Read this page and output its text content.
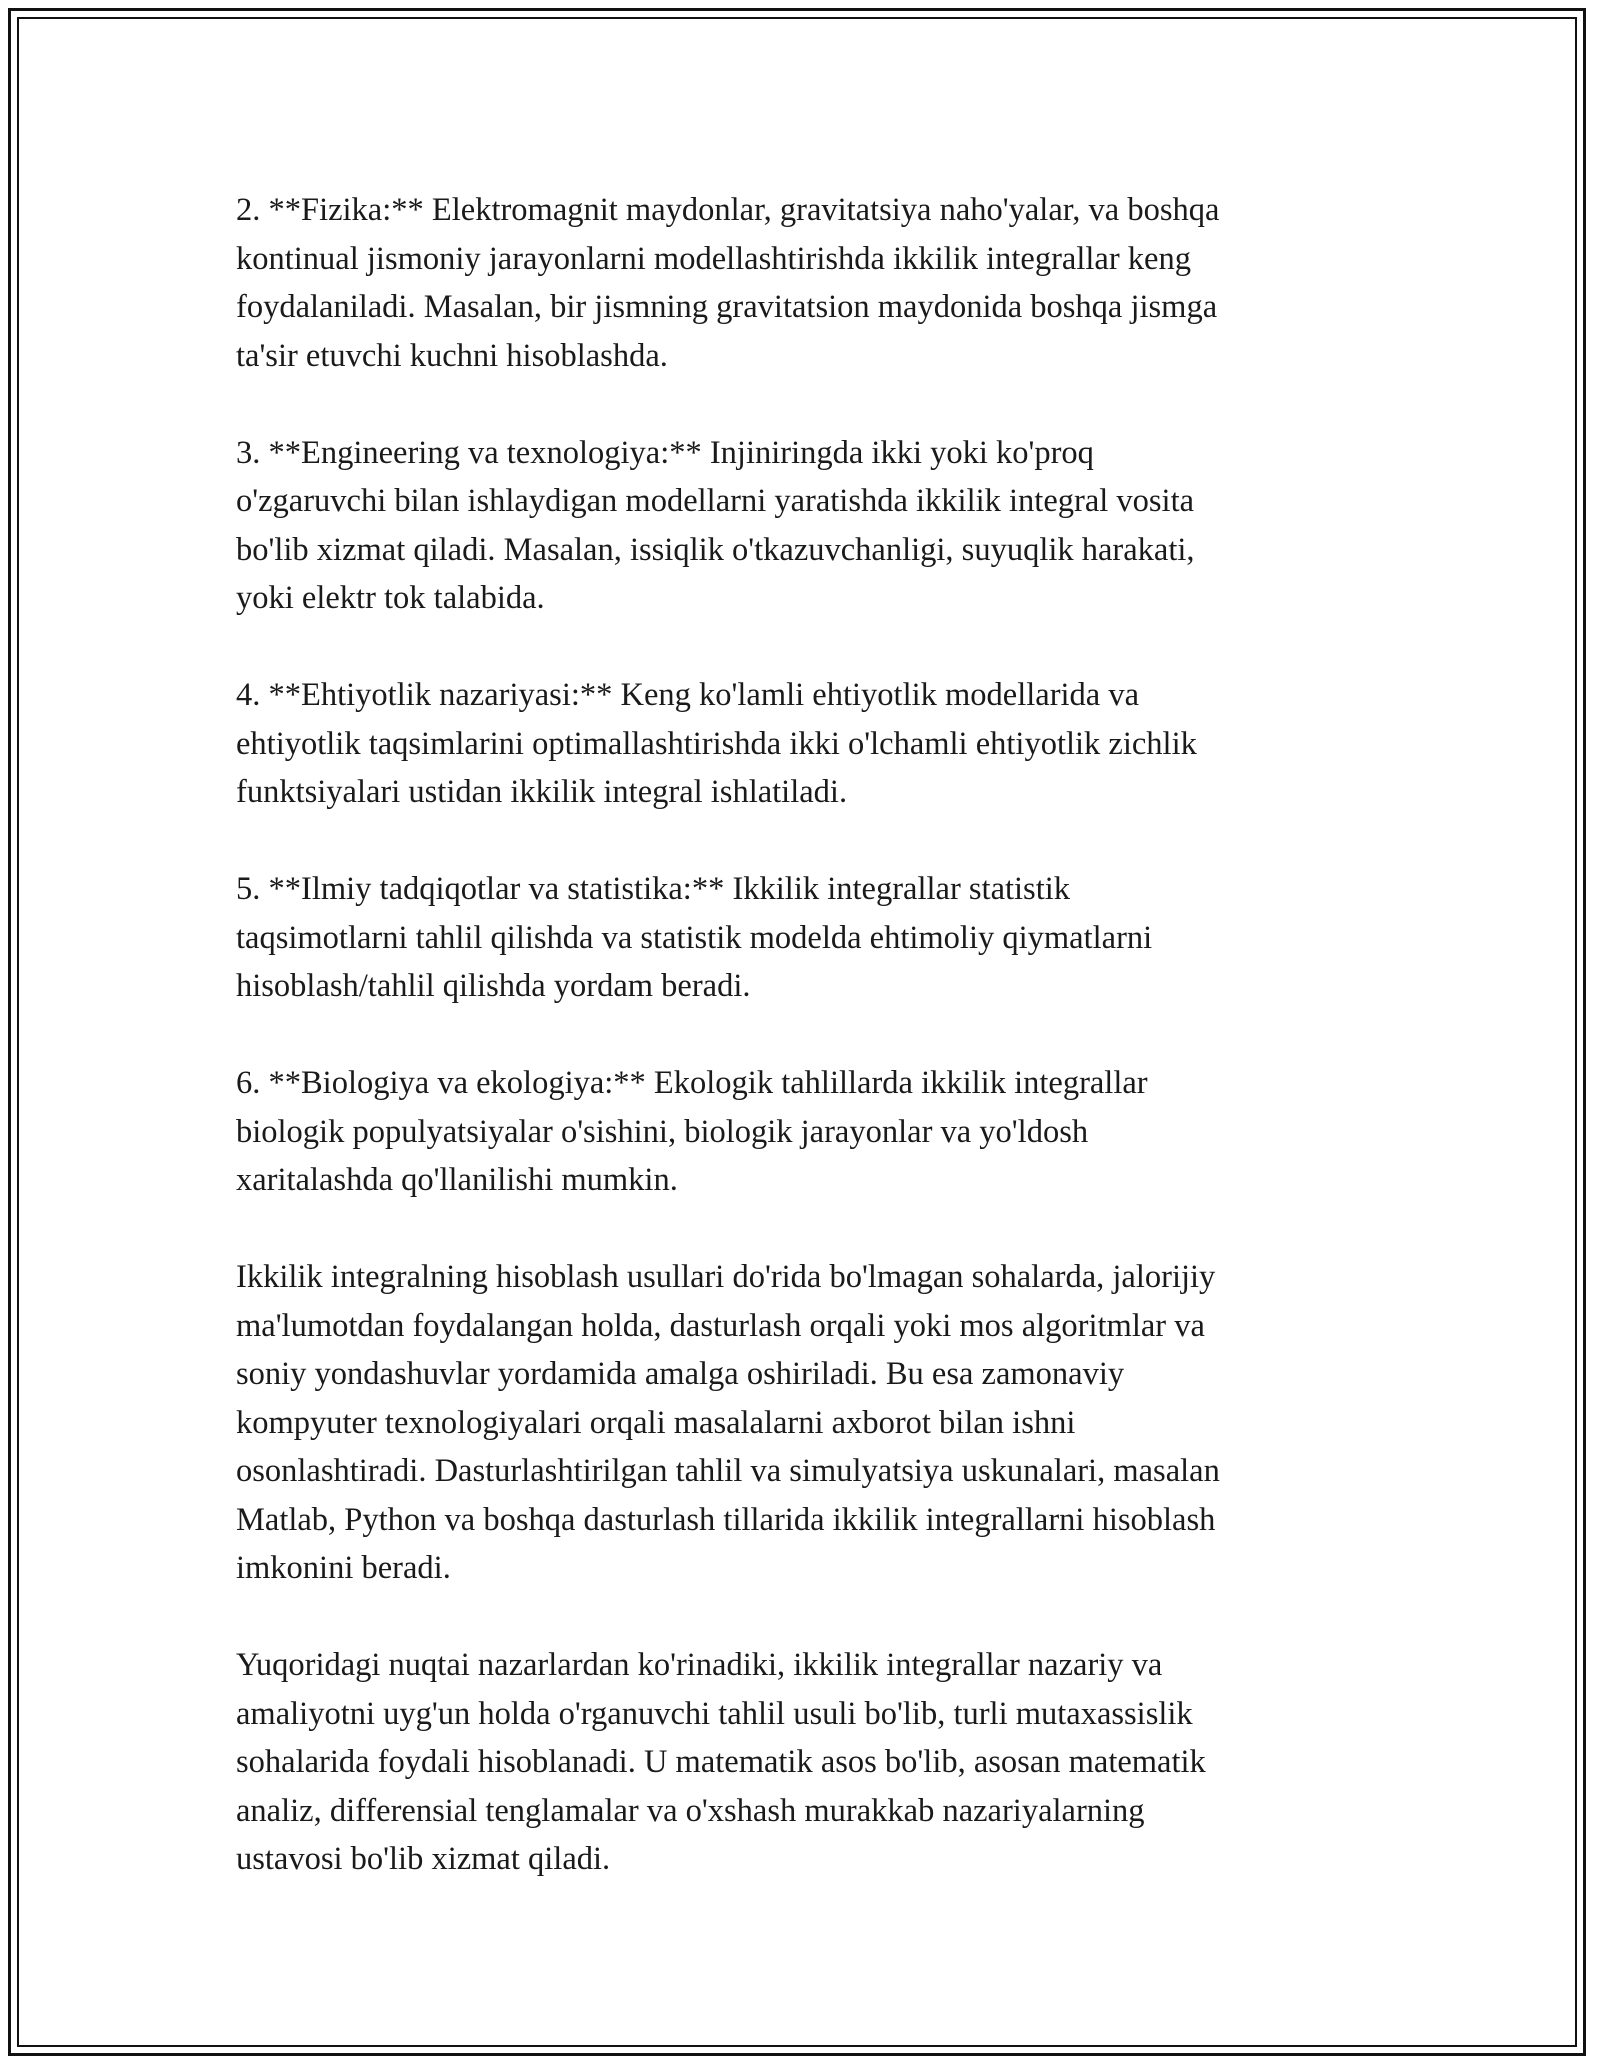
2. **Fizika:** Elektromagnit maydonlar, gravitatsiya naho'yalar, va boshqa
kontinual jismoniy jarayonlarni modellashtirishda ikkilik integrallar keng
foydalaniladi. Masalan, bir jismning gravitatsion maydonida boshqa jismga
ta'sir etuvchi kuchni hisoblashda.

3. **Engineering va texnologiya:** Injiniringda ikki yoki ko'proq
o'zgaruvchi bilan ishlaydigan modellarni yaratishda ikkilik integral vosita
bo'lib xizmat qiladi. Masalan, issiqlik o'tkazuvchanligi, suyuqlik harakati,
yoki elektr tok talabida.

4. **Ehtiyotlik nazariyasi:** Keng ko'lamli ehtiyotlik modellarida va
ehtiyotlik taqsimlarini optimallashtirishda ikki o'lchamli ehtiyotlik zichlik
funktsiyalari ustidan ikkilik integral ishlatiladi.

5. **Ilmiy tadqiqotlar va statistika:** Ikkilik integrallar statistik
taqsimotlarni tahlil qilishda va statistik modelda ehtimoliy qiymatlarni
hisoblash/tahlil qilishda yordam beradi.

6. **Biologiya va ekologiya:** Ekologik tahlillarda ikkilik integrallar
biologik populyatsiyalar o'sishini, biologik jarayonlar va yo'ldosh
xaritalashda qo'llanilishi mumkin.

Ikkilik integralning hisoblash usullari do'rida bo'lmagan sohalarda, jalorijiy
ma'lumotdan foydalangan holda, dasturlash orqali yoki mos algoritmlar va
soniy yondashuvlar yordamida amalga oshiriladi. Bu esa zamonaviy
kompyuter texnologiyalari orqali masalalarni axborot bilan ishni
osonlashtiradi. Dasturlashtirilgan tahlil va simulyatsiya uskunalari, masalan
Matlab, Python va boshqa dasturlash tillarida ikkilik integrallarni hisoblash
imkonini beradi.

Yuqoridagi nuqtai nazarlardan ko'rinadiki, ikkilik integrallar nazariy va
amaliyotni uyg'un holda o'rganuvchi tahlil usuli bo'lib, turli mutaxassislik
sohalarida foydali hisoblanadi. U matematik asos bo'lib, asosan matematik
analiz, differensial tenglamalar va o'xshash murakkab nazariyalarning
ustavosi bo'lib xizmat qiladi.
